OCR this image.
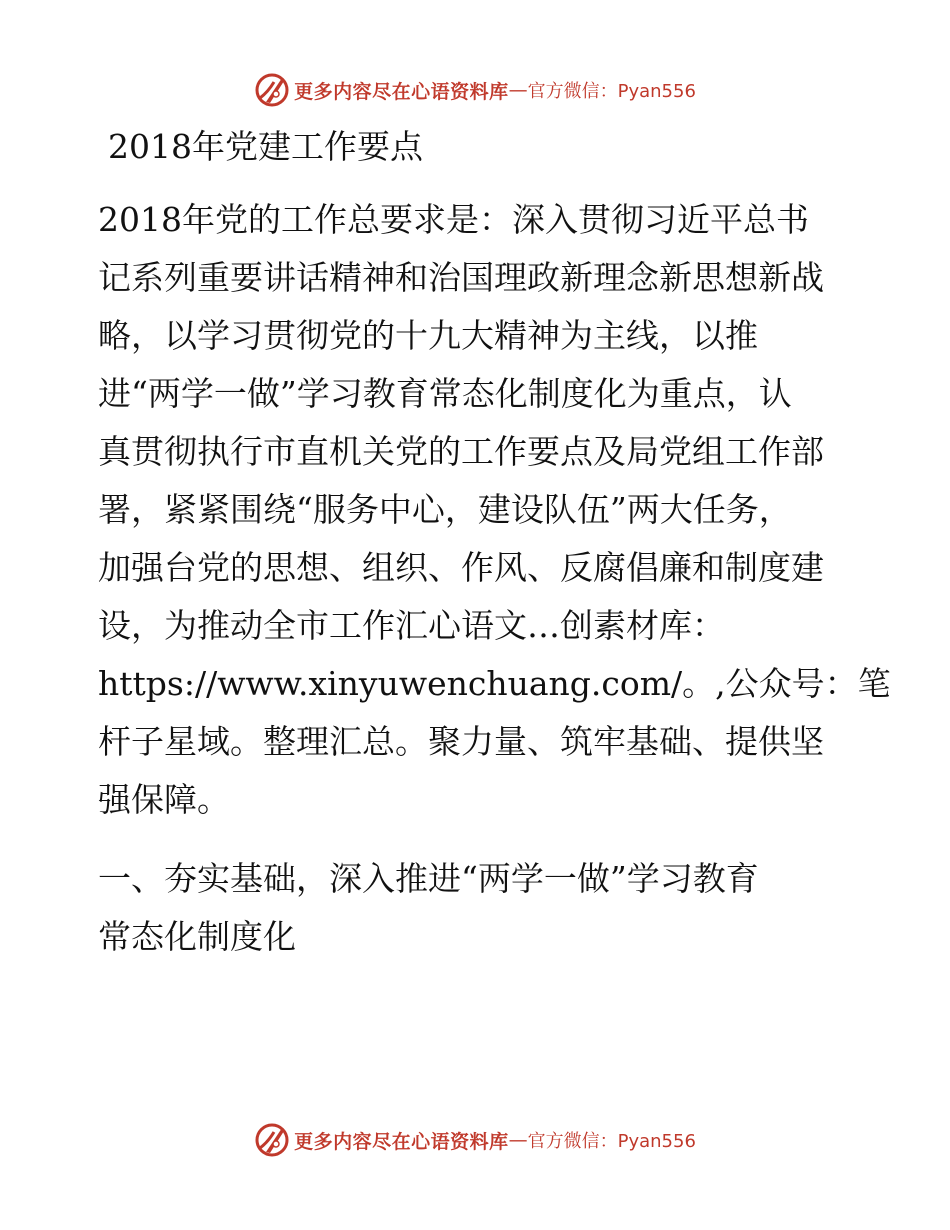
更多内容尽在心语资料库 — 官方微信：Pyan556
2018年党建工作要点
2018年党的工作总要求是：深入贯彻习近平总书
记系列重要讲话精神和治国理政新理念新思想新战
略，以学习贯彻党的十九大精神为主线，以推
进“两学一做”学习教育常态化制度化为重点，认
真贯彻执行市直机关党的工作要点及局党组工作部
署，紧紧围绕“服务中心，建设队伍”两大任务，
加强台党的思想、组织、作风、反腐倡廉和制度建
设，为推动全市工作汇心语文…创素材库：
https://www.xinyuwenchuang.com/。,公众号：笔
杆子星域。整理汇总。聚力量、筑牢基础、提供坚
强保障。
一、夯实基础，深入推进“两学一做”学习教育
常态化制度化
更多内容尽在心语资料库 — 官方微信：Pyan556
